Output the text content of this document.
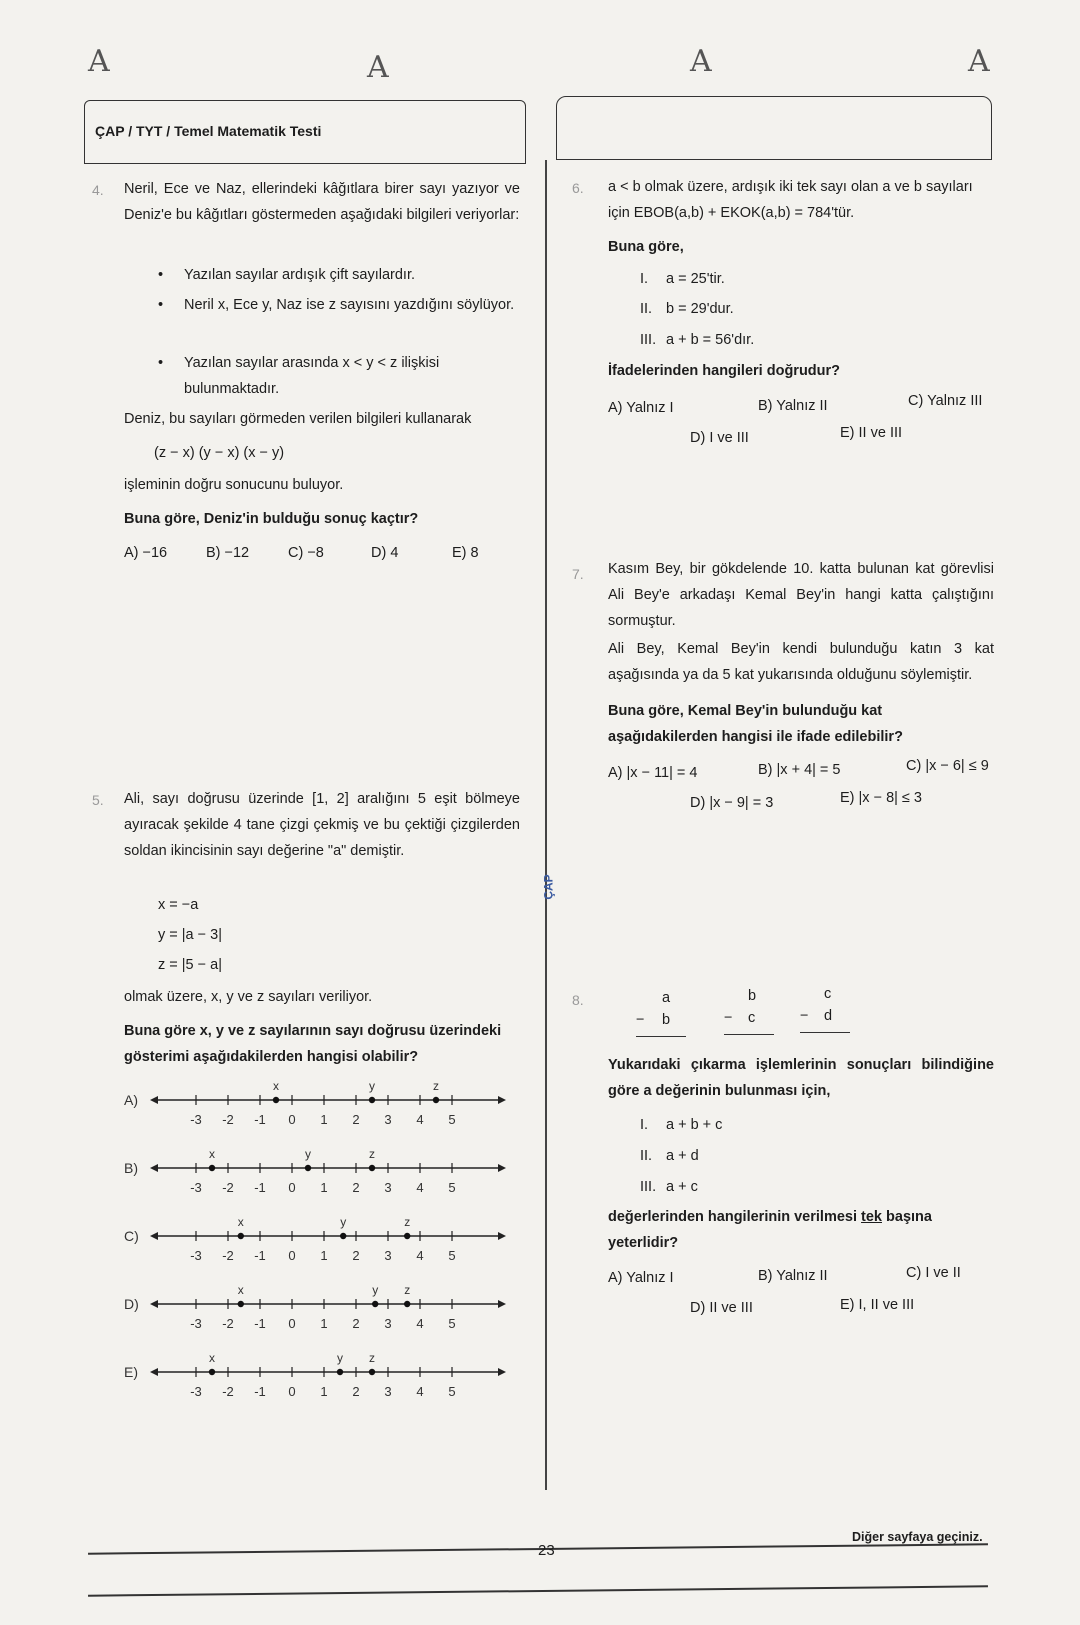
A	A	A	A
ÇAP / TYT / Temel Matematik Testi
ÇAP
4. Neril, Ece ve Naz, ellerindeki kâğıtlara birer sayı yazıyor ve Deniz'e bu kâğıtları göstermeden aşağıdaki bilgileri veriyorlar:
• Yazılan sayılar ardışık çift sayılardır.
• Neril x, Ece y, Naz ise z sayısını yazdığını söylüyor.
• Yazılan sayılar arasında x < y < z ilişkisi bulunmaktadır.
Deniz, bu sayıları görmeden verilen bilgileri kullanarak
(z − x) (y − x) (x − y)
işleminin doğru sonucunu buluyor.
Buna göre, Deniz'in bulduğu sonuç kaçtır?
A) −16	B) −12	C) −8	D) 4	E) 8
5. Ali, sayı doğrusu üzerinde [1, 2] aralığını 5 eşit bölmeye ayıracak şekilde 4 tane çizgi çekmiş ve bu çektiği çizgilerden soldan ikincisinin sayı değerine "a" demiştir.
x = −a
y = |a − 3|
z = |5 − a|
olmak üzere, x, y ve z sayıları veriliyor.
Buna göre x, y ve z sayılarının sayı doğrusu üzerindeki gösterimi aşağıdakilerden hangisi olabilir?
A)
-3 -2 -1 0 1 2 3 4 5
x	y	z
B)
-3 -2 -1 0 1 2 3 4 5
x	y	z
C)
-3 -2 -1 0 1 2 3 4 5
x	y	z
D)
-3 -2 -1 0 1 2 3 4 5
x	y z
E)
-3 -2 -1 0 1 2 3 4 5
x	y z
6. a < b olmak üzere, ardışık iki tek sayı olan a ve b sayıları için EBOB(a,b) + EKOK(a,b) = 784'tür.
Buna göre,
I. a = 25'tir.
II. b = 29'dur.
III. a + b = 56'dır.
İfadelerinden hangileri doğrudur?
A) Yalnız I	B) Yalnız II	C) Yalnız III
D) I ve III	E) II ve III
7. Kasım Bey, bir gökdelende 10. katta bulunan kat görevlisi Ali Bey'e arkadaşı Kemal Bey'in hangi katta çalıştığını sormuştur.
Ali Bey, Kemal Bey'in kendi bulunduğu katın 3 kat aşağısında ya da 5 kat yukarısında olduğunu söylemiştir.
Buna göre, Kemal Bey'in bulunduğu kat aşağıdakilerden hangisi ile ifade edilebilir?
A) |x − 11| = 4	B) |x + 4| = 5	C) |x − 6| ≤ 9
D) |x − 9| = 3	E) |x − 8| ≤ 3
8.	a
− b
b
− c
c
− d
Yukarıdaki çıkarma işlemlerinin sonuçları bilindiğine göre a değerinin bulunması için,
I. a + b + c
II. a + d
III. a + c
değerlerinden hangilerinin verilmesi tek başına yeterlidir?
A) Yalnız I	B) Yalnız II	C) I ve II
D) II ve III	E) I, II ve III
23
Diğer sayfaya geçiniz.
